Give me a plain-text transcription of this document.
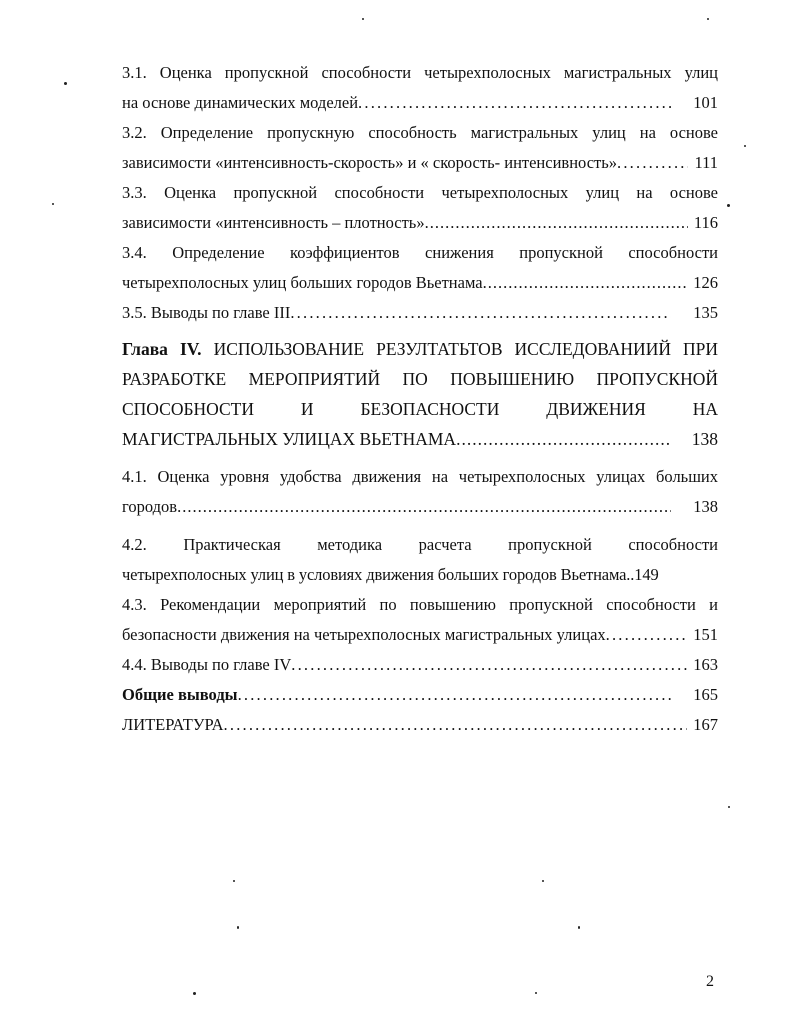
3.1. Оценка пропускной способности четырехполосных магистральных улиц
на основе динамических моделей .....	101
3.2. Определение пропускную способность магистральных улиц на основе
зависимости «интенсивность-скорость» и « скорость- интенсивность» .....	111
3.3. Оценка пропускной способности четырехполосных улиц на основе
зависимости «интенсивность – плотность» .....	116
3.4. Определение коэффициентов снижения пропускной способности
четырехполосных улиц больших городов Вьетнама .....	126
3.5. Выводы по главе III .....	135
Глава IV. ИСПОЛЬЗОВАНИЕ РЕЗУЛТАТЬТОВ ИССЛЕДОВАНИИЙ ПРИ
РАЗРАБОТКЕ МЕРОПРИЯТИЙ ПО ПОВЫШЕНИЮ ПРОПУСКНОЙ
СПОСОБНОСТИ И БЕЗОПАСНОСТИ ДВИЖЕНИЯ НА
МАГИСТРАЛЬНЫХ УЛИЦАХ ВЬЕТНАМА .....	138
4.1. Оценка уровня удобства движения на четырехполосных улицах больших
городов .....	138
4.2. Практическая методика расчета пропускной способности
четырехполосных улиц в условиях движения больших городов Вьетнама..149
4.3. Рекомендации мероприятий по повышению пропускной способности и
безопасности движения на четырехполосных магистральных улицах .....	151
4.4. Выводы по главе IV .....	163
Общие выводы .....	165
ЛИТЕРАТУРА .....	167
2
